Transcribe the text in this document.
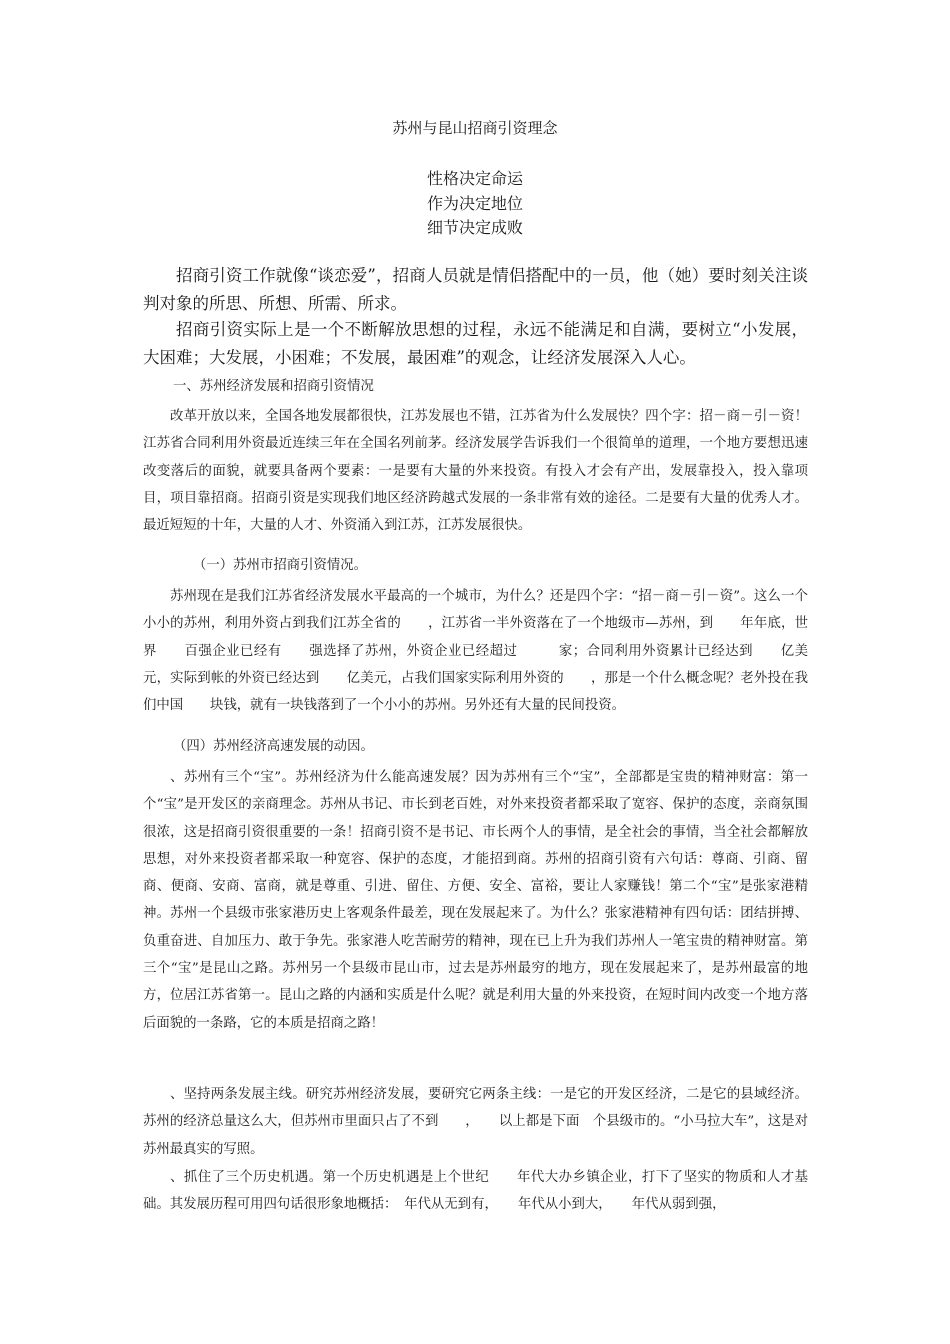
苏州与昆山招商引资理念
性格决定命运
作为决定地位
细节决定成败

招商引资工作就像“谈恋爱”，招商人员就是情侣搭配中的一员，他（她）要时刻关注谈判对象的所思、所想、所需、所求。

招商引资实际上是一个不断解放思想的过程，永远不能满足和自满，要树立“小发展，大困难；大发展，小困难；不发展，最困难”的观念，让经济发展深入人心。

一、苏州经济发展和招商引资情况

改革开放以来，全国各地发展都很快，江苏发展也不错，江苏省为什么发展快？四个字：招－商－引－资！江苏省合同利用外资最近连续三年在全国名列前茅。经济发展学告诉我们一个很简单的道理，一个地方要想迅速改变落后的面貌，就要具备两个要素：一是要有大量的外来投资。有投入才会有产出，发展靠投入，投入靠项目，项目靠招商。招商引资是实现我们地区经济跨越式发展的一条非常有效的途径。二是要有大量的优秀人才。最近短短的十年，大量的人才、外资涌入到江苏，江苏发展很快。

（一）苏州市招商引资情况。

苏州现在是我们江苏省经济发展水平最高的一个城市，为什么？还是四个字：“招－商－引－资”。这么一个小小的苏州，利用外资占到我们江苏全省的　　，江苏省一半外资落在了一个地级市—苏州，到　　年年底，世界　　百强企业已经有　　强选择了苏州，外资企业已经超过　　　家；合同利用外资累计已经达到　　亿美元，实际到帐的外资已经达到　　亿美元，占我们国家实际利用外资的　　，那是一个什么概念呢？老外投在我们中国　　块钱，就有一块钱落到了一个小小的苏州。另外还有大量的民间投资。

（四）苏州经济高速发展的动因。

、苏州有三个“宝”。苏州经济为什么能高速发展？因为苏州有三个“宝”，全部都是宝贵的精神财富：第一个“宝”是开发区的亲商理念。苏州从书记、市长到老百姓，对外来投资者都采取了宽容、保护的态度，亲商氛围很浓，这是招商引资很重要的一条！招商引资不是书记、市长两个人的事情，是全社会的事情，当全社会都解放思想，对外来投资者都采取一种宽容、保护的态度，才能招到商。苏州的招商引资有六句话：尊商、引商、留商、便商、安商、富商，就是尊重、引进、留住、方便、安全、富裕，要让人家赚钱！第二个“宝”是张家港精神。苏州一个县级市张家港历史上客观条件最差，现在发展起来了。为什么？张家港精神有四句话：团结拼搏、负重奋进、自加压力、敢于争先。张家港人吃苦耐劳的精神，现在已上升为我们苏州人一笔宝贵的精神财富。第三个“宝”是昆山之路。苏州另一个县级市昆山市，过去是苏州最穷的地方，现在发展起来了，是苏州最富的地方，位居江苏省第一。昆山之路的内涵和实质是什么呢？就是利用大量的外来投资，在短时间内改变一个地方落后面貌的一条路，它的本质是招商之路！

、坚持两条发展主线。研究苏州经济发展，要研究它两条主线：一是它的开发区经济，二是它的县域经济。苏州的经济总量这么大，但苏州市里面只占了不到　　，　　以上都是下面　个县级市的。“小马拉大车”，这是对苏州最真实的写照。

、抓住了三个历史机遇。第一个历史机遇是上个世纪　　年代大办乡镇企业，打下了坚实的物质和人才基础。其发展历程可用四句话很形象地概括：　年代从无到有，　　年代从小到大，　　年代从弱到强，
